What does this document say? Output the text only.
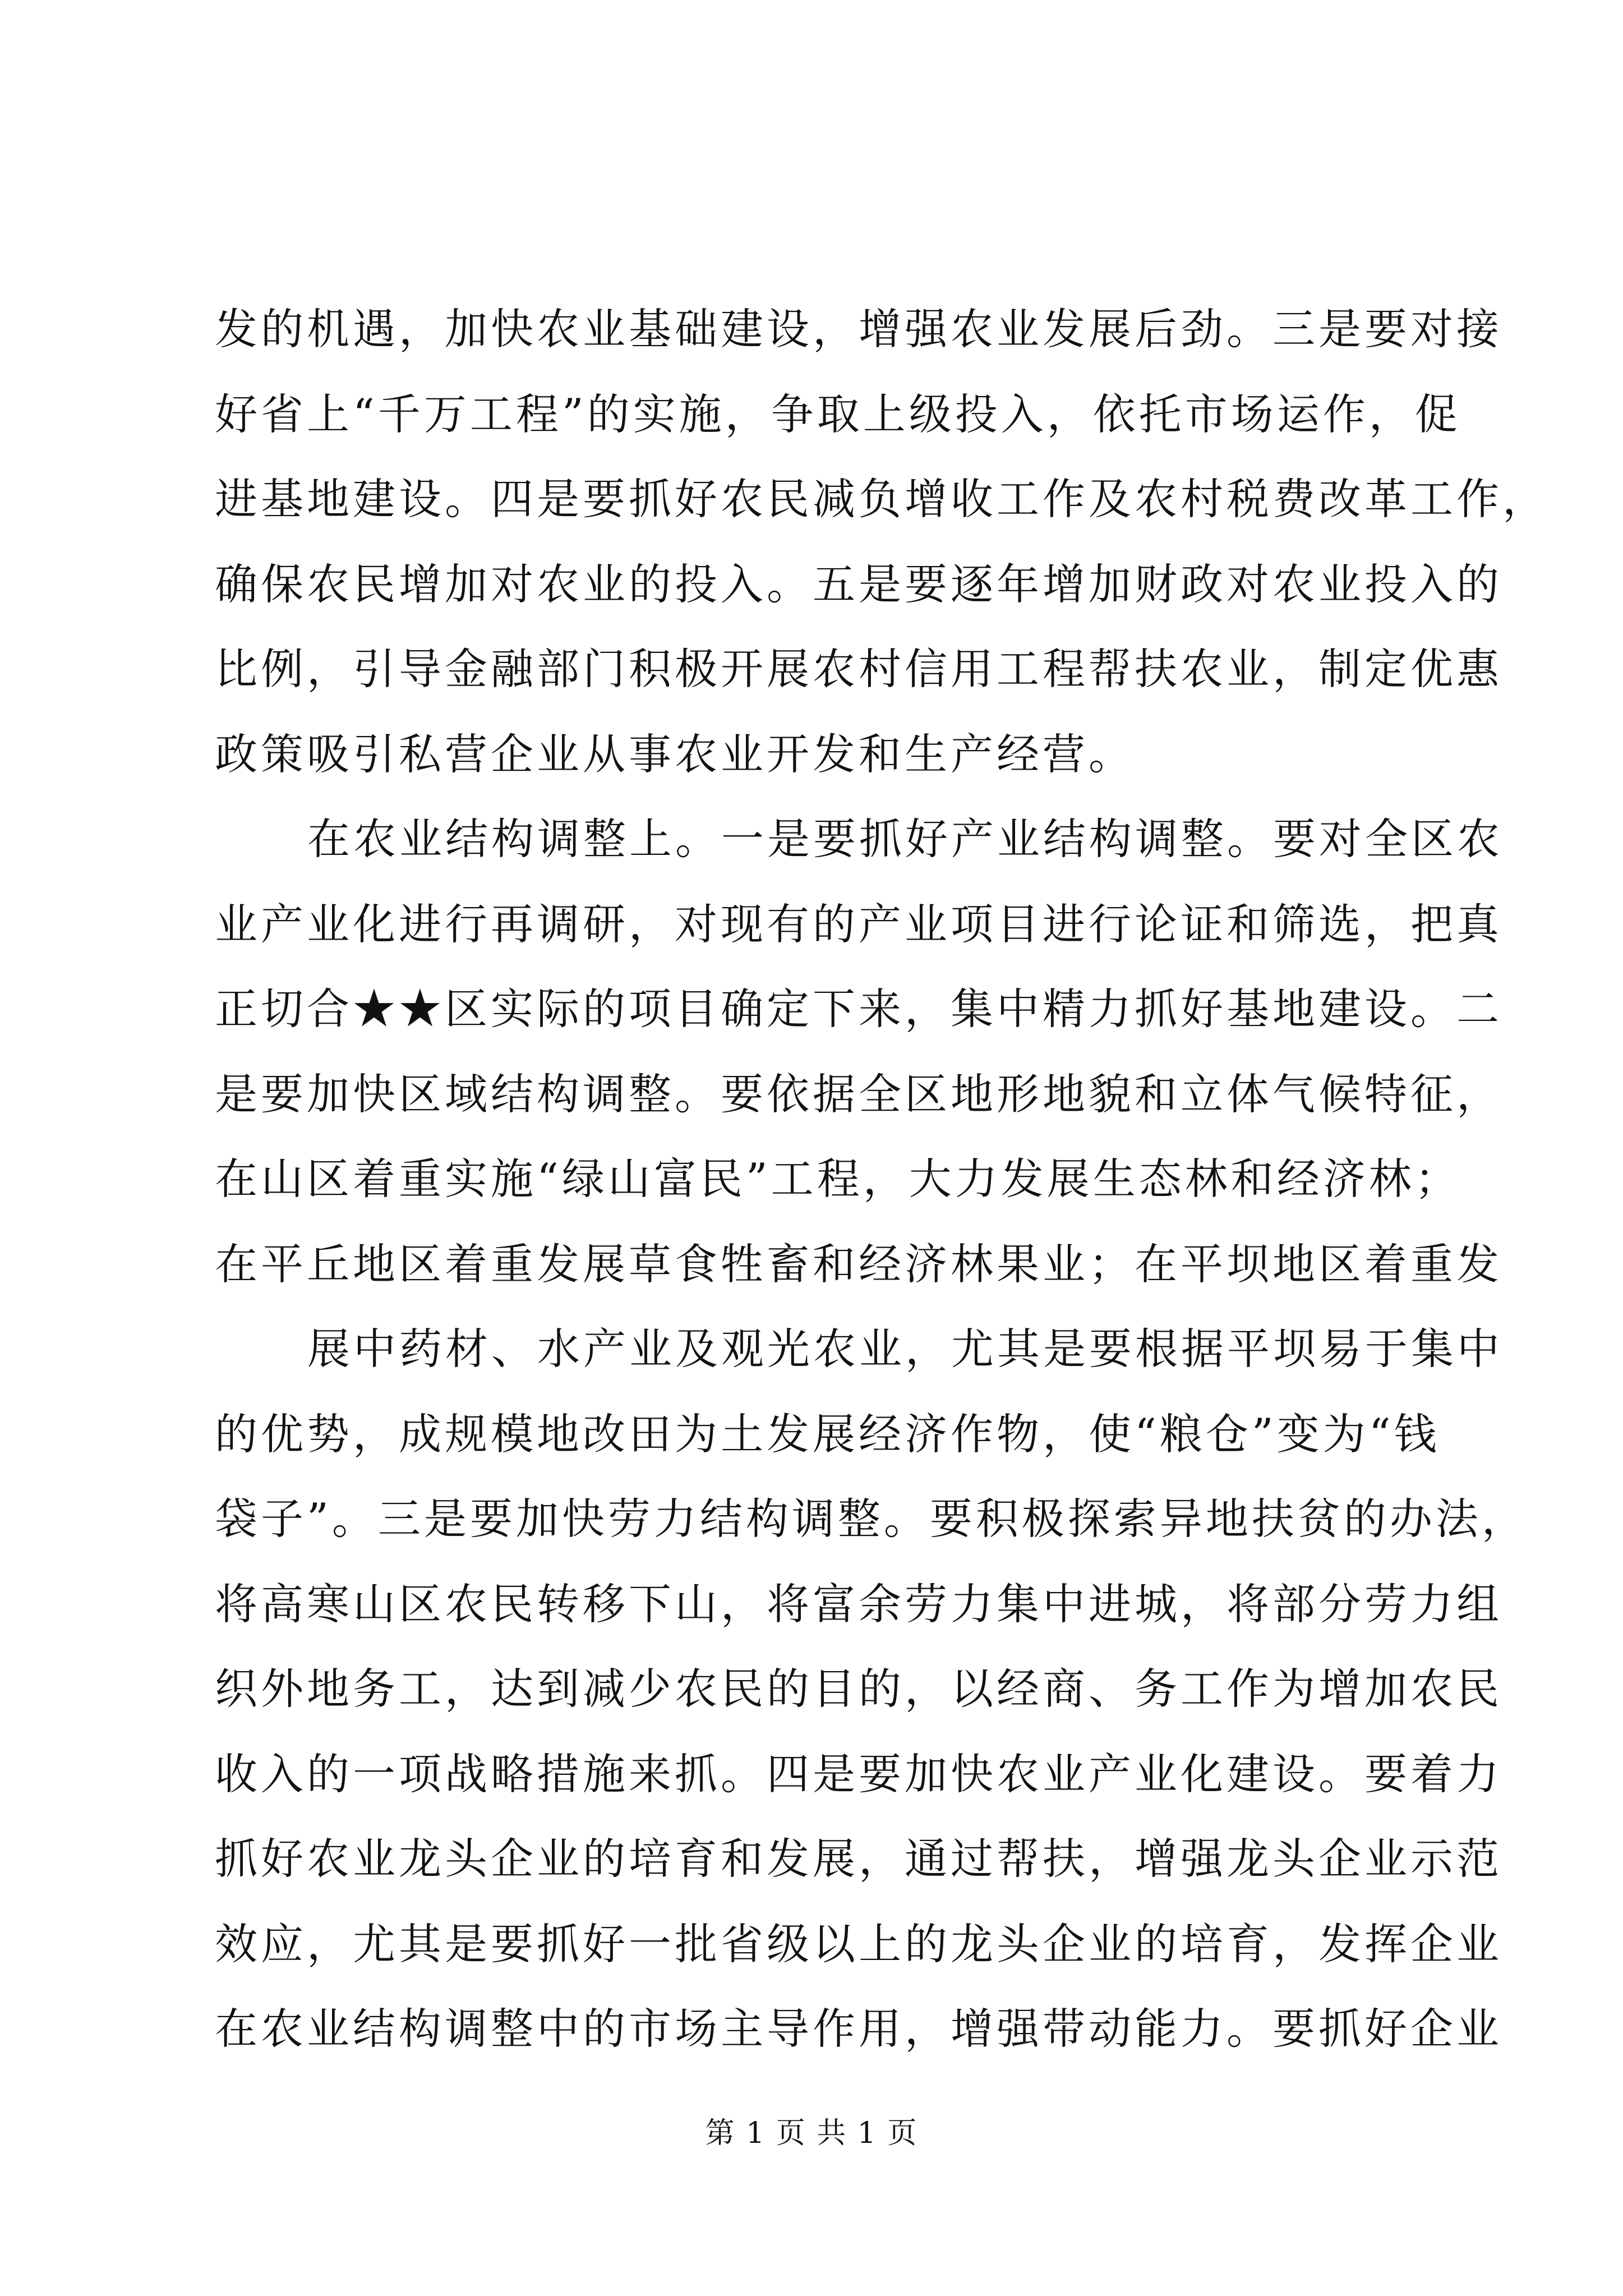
发的机遇，加快农业基础建设，增强农业发展后劲。三是要对接
好省上“千万工程”的实施，争取上级投入，依托市场运作，促
进基地建设。四是要抓好农民减负增收工作及农村税费改革工作，
确保农民增加对农业的投入。五是要逐年增加财政对农业投入的
比例，引导金融部门积极开展农村信用工程帮扶农业，制定优惠
政策吸引私营企业从事农业开发和生产经营。
在农业结构调整上。一是要抓好产业结构调整。要对全区农
业产业化进行再调研，对现有的产业项目进行论证和筛选，把真
正切合★★区实际的项目确定下来，集中精力抓好基地建设。二
是要加快区域结构调整。要依据全区地形地貌和立体气候特征，
在山区着重实施“绿山富民”工程，大力发展生态林和经济林；
在平丘地区着重发展草食牲畜和经济林果业；在平坝地区着重发
展中药材、水产业及观光农业，尤其是要根据平坝易于集中
的优势，成规模地改田为土发展经济作物，使“粮仓”变为“钱
袋子”。三是要加快劳力结构调整。要积极探索异地扶贫的办法，
将高寒山区农民转移下山，将富余劳力集中进城，将部分劳力组
织外地务工，达到减少农民的目的，以经商、务工作为增加农民
收入的一项战略措施来抓。四是要加快农业产业化建设。要着力
抓好农业龙头企业的培育和发展，通过帮扶，增强龙头企业示范
效应，尤其是要抓好一批省级以上的龙头企业的培育，发挥企业
在农业结构调整中的市场主导作用，增强带动能力。要抓好企业
第 1 页 共 1 页
